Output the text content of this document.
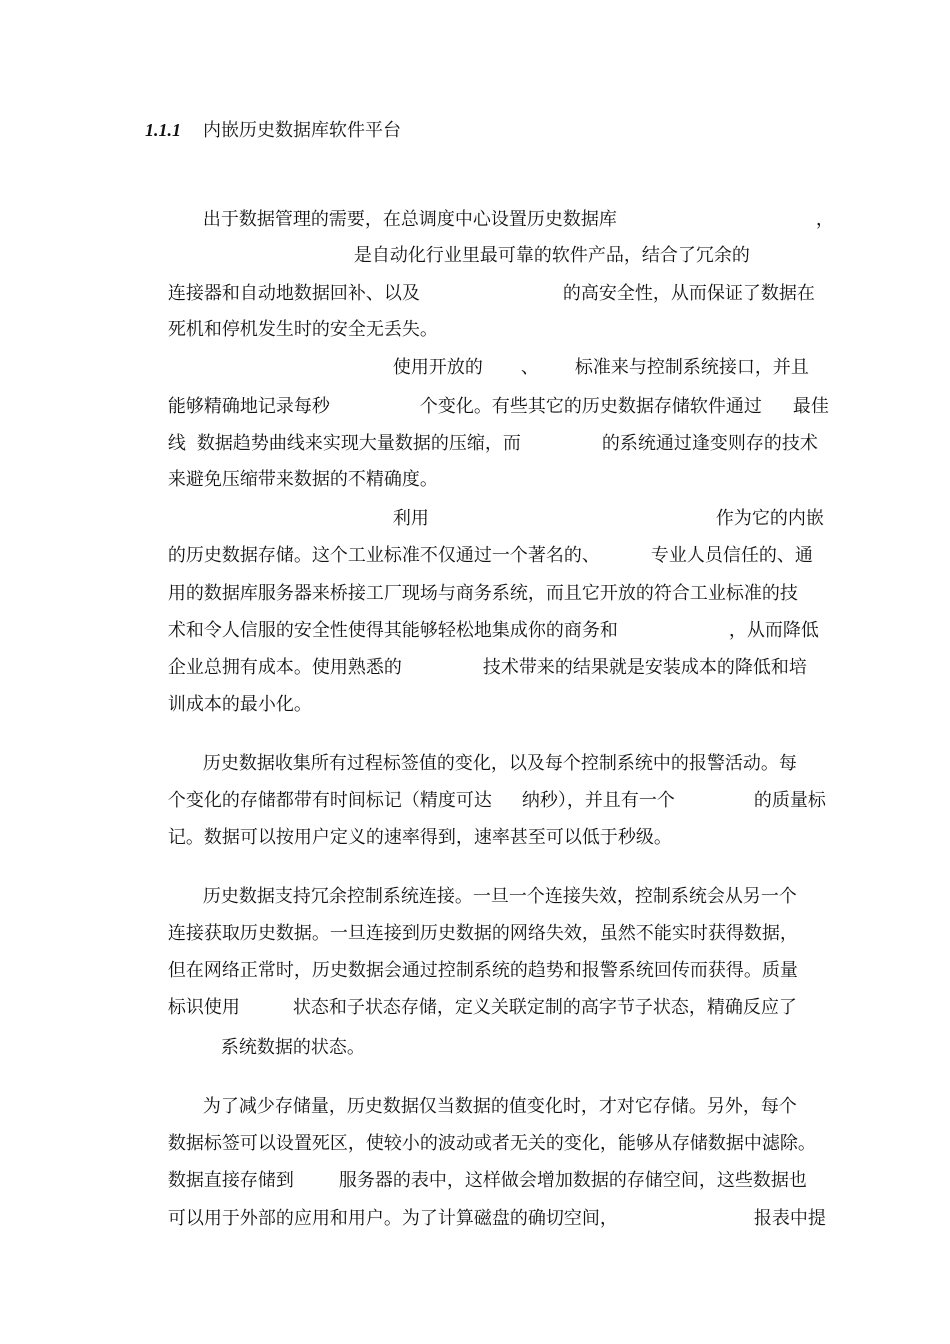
1.1.1 内嵌历史数据库软件平台

出于数据管理的需要，在总调度中心设置历史数据库
	，

是自动化行业里最可靠的软件产品，结合了冗余的

连接器和自动地数据回补、以及
	的高安全性，从而保证了数据在

死机和停机发生时的安全无丢失。

使用开放的
	、
	标准来与控制系统接口，并且

能够精确地记录每秒
	个变化。有些其它的历史数据存储软件通过
	最佳

线
数据趋势曲线来实现大量数据的压缩，而
	的系统通过逢变则存的技术

来避免压缩带来数据的不精确度。

利用
	作为它的内嵌

的历史数据存储。这个工业标准不仅通过一个著名的、
	专业人员信任的、通

用的数据库服务器来桥接工厂现场与商务系统，而且它开放的符合工业标准的技

术和令人信服的安全性使得其能够轻松地集成你的商务和
	，从而降低

企业总拥有成本。使用熟悉的
	技术带来的结果就是安装成本的降低和培

训成本的最小化。

历史数据收集所有过程标签值的变化，以及每个控制系统中的报警活动。每

个变化的存储都带有时间标记（精度可达
	纳秒），并且有一个
	的质量标

记。数据可以按用户定义的速率得到，速率甚至可以低于秒级。

历史数据支持冗余控制系统连接。一旦一个连接失效，控制系统会从另一个

连接获取历史数据。一旦连接到历史数据的网络失效，虽然不能实时获得数据，

但在网络正常时，历史数据会通过控制系统的趋势和报警系统回传而获得。质量

标识使用
	状态和子状态存储，定义关联定制的高字节子状态，精确反应了

系统数据的状态。

为了减少存储量，历史数据仅当数据的值变化时，才对它存储。另外，每个

数据标签可以设置死区，使较小的波动或者无关的变化，能够从存储数据中滤除。

数据直接存储到
	服务器的表中，这样做会增加数据的存储空间，这些数据也

可以用于外部的应用和用户。为了计算磁盘的确切空间，
	报表中提
